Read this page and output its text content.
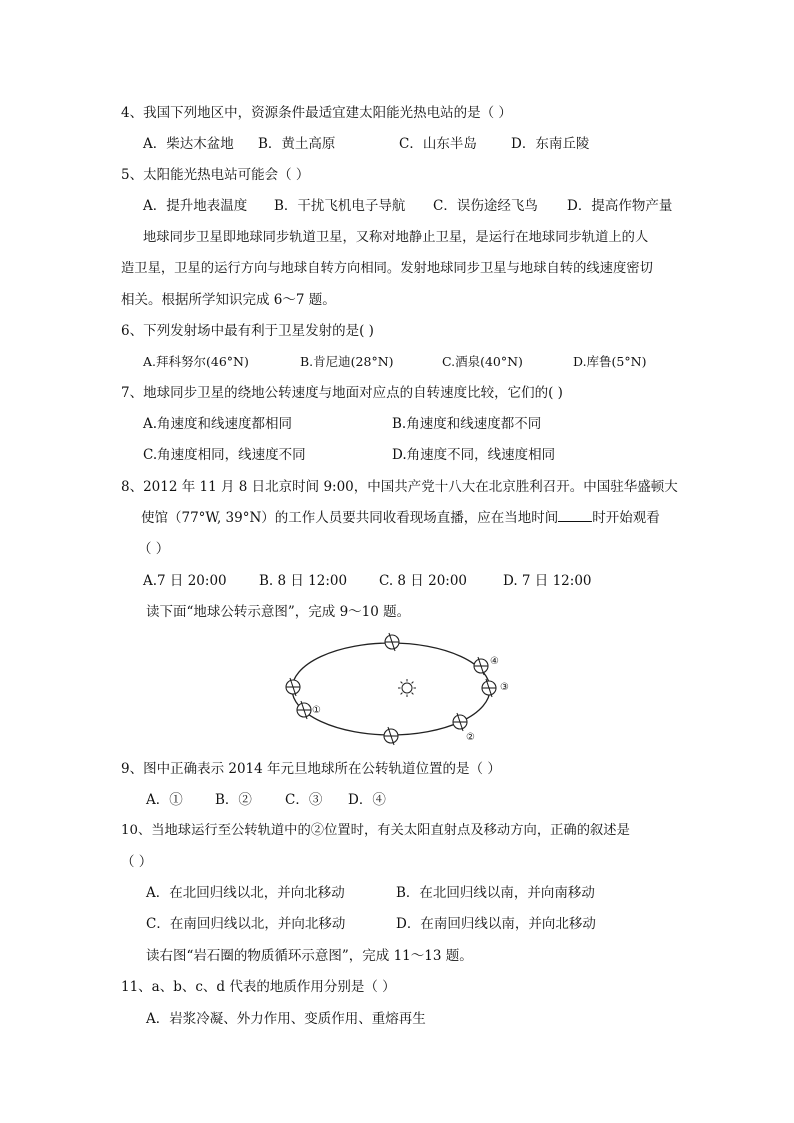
4、我国下列地区中，资源条件最适宜建太阳能光热电站的是（ ）
A．柴达木盆地 B．黄土高原	C．山东半岛	D．东南丘陵
5、太阳能光热电站可能会（ ）
A．提升地表温度 B．干扰飞机电子导航 C．误伤途经飞鸟 D．提高作物产量
地球同步卫星即地球同步轨道卫星，又称对地静止卫星，是运行在地球同步轨道上的人
造卫星，卫星的运行方向与地球自转方向相同。发射地球同步卫星与地球自转的线速度密切
相关。根据所学知识完成 6～7 题。
6、下列发射场中最有利于卫星发射的是( )
A.拜科努尔(46°N)	B.肯尼迪(28°N)	C.酒泉(40°N)	D.库鲁(5°N)
7、地球同步卫星的绕地公转速度与地面对应点的自转速度比较，它们的( )
A.角速度和线速度都相同	B.角速度和线速度都不同
C.角速度相同，线速度不同	D.角速度不同，线速度相同
8、2012 年 11 月 8 日北京时间 9:00，中国共产党十八大在北京胜利召开。中国驻华盛顿大
使馆（77°W, 39°N）的工作人员要共同收看现场直播，应在当地时间	时开始观看
（ ）
A.7 日 20:00 B. 8 日 12:00 C. 8 日 20:00	D. 7 日 12:00
读下面“地球公转示意图”，完成 9～10 题。
①
②
③
④
9、图中正确表示 2014 年元旦地球所在公转轨道位置的是（ ）
A．① B．② C．③ D．④
10、当地球运行至公转轨道中的②位置时，有关太阳直射点及移动方向，正确的叙述是
（ ）
A．在北回归线以北，并向北移动	B．在北回归线以南，并向南移动
C．在南回归线以北，并向北移动	D．在南回归线以南，并向北移动
读右图“岩石圈的物质循环示意图”，完成 11～13 题。
11、a、b、c、d 代表的地质作用分别是（ ）
A．岩浆冷凝、外力作用、变质作用、重熔再生
